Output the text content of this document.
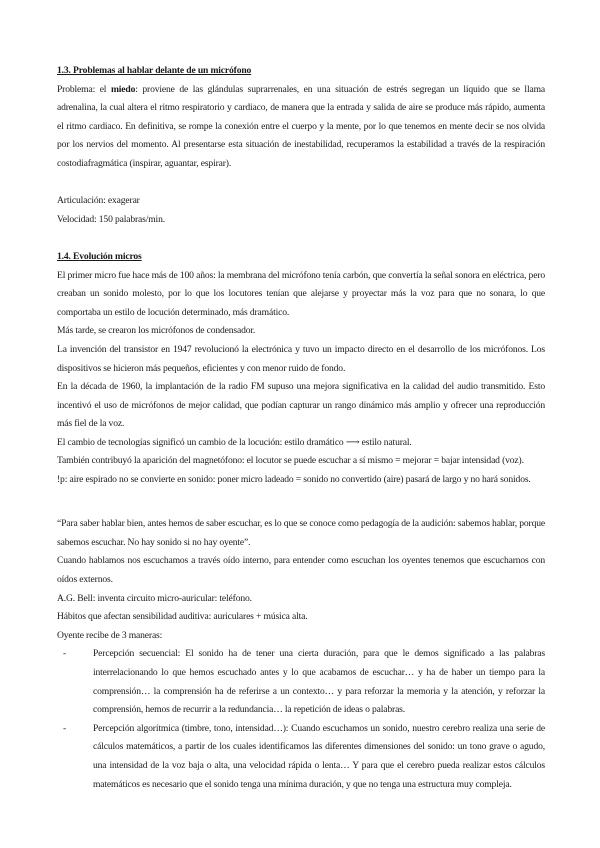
1.3. Problemas al hablar delante de un micrófono

Problema: el miedo: proviene de las glándulas suprarrenales, en una situación de estrés segregan un líquido que se llama adrenalina, la cual altera el ritmo respiratorio y cardiaco, de manera que la entrada y salida de aire se produce más rápido, aumenta el ritmo cardiaco. En definitiva, se rompe la conexión entre el cuerpo y la mente, por lo que tenemos en mente decir se nos olvida por los nervios del momento. Al presentarse esta situación de inestabilidad, recuperamos la estabilidad a través de la respiración costodiafragmática (inspirar, aguantar, espirar).

Articulación: exagerar

Velocidad: 150 palabras/min.

1.4. Evolución micros

El primer micro fue hace más de 100 años: la membrana del micrófono tenía carbón, que convertía la señal sonora en eléctrica, pero creaban un sonido molesto, por lo que los locutores tenían que alejarse y proyectar más la voz para que no sonara, lo que comportaba un estilo de locución determinado, más dramático.

Más tarde, se crearon los micrófonos de condensador.

La invención del transistor en 1947 revolucionó la electrónica y tuvo un impacto directo en el desarrollo de los micrófonos. Los dispositivos se hicieron más pequeños, eficientes y con menor ruido de fondo.

En la década de 1960, la implantación de la radio FM supuso una mejora significativa en la calidad del audio transmitido. Esto incentivó el uso de micrófonos de mejor calidad, que podían capturar un rango dinámico más amplio y ofrecer una reproducción más fiel de la voz.

El cambio de tecnologías significó un cambio de la locución: estilo dramático ⟶ estilo natural.

También contribuyó la aparición del magnetófono: el locutor se puede escuchar a sí mismo = mejorar = bajar intensidad (voz).

!p: aire espirado no se convierte en sonido: poner micro ladeado = sonido no convertido (aire) pasará de largo y no hará sonidos.

“Para saber hablar bien, antes hemos de saber escuchar, es lo que se conoce como pedagogía de la audición: sabemos hablar, porque sabemos escuchar. No hay sonido si no hay oyente”.

Cuando hablamos nos escuchamos a través oído interno, para entender como escuchan los oyentes tenemos que escucharnos con oídos externos.

A.G. Bell: inventa circuito micro-auricular: teléfono.

Hábitos que afectan sensibilidad auditiva: auriculares + música alta.

Oyente recibe de 3 maneras:

-	Percepción secuencial: El sonido ha de tener una cierta duración, para que le demos significado a las palabras interrelacionando lo que hemos escuchado antes y lo que acabamos de escuchar… y ha de haber un tiempo para la comprensión… la comprensión ha de referirse a un contexto… y para reforzar la memoria y la atención, y reforzar la comprensión, hemos de recurrir a la redundancia… la repetición de ideas o palabras.
-	Percepción algorítmica (timbre, tono, intensidad…): Cuando escuchamos un sonido, nuestro cerebro realiza una serie de cálculos matemáticos, a partir de los cuales identificamos las diferentes dimensiones del sonido: un tono grave o agudo, una intensidad de la voz baja o alta, una velocidad rápida o lenta… Y para que el cerebro pueda realizar estos cálculos matemáticos es necesario que el sonido tenga una mínima duración, y que no tenga una estructura muy compleja.
